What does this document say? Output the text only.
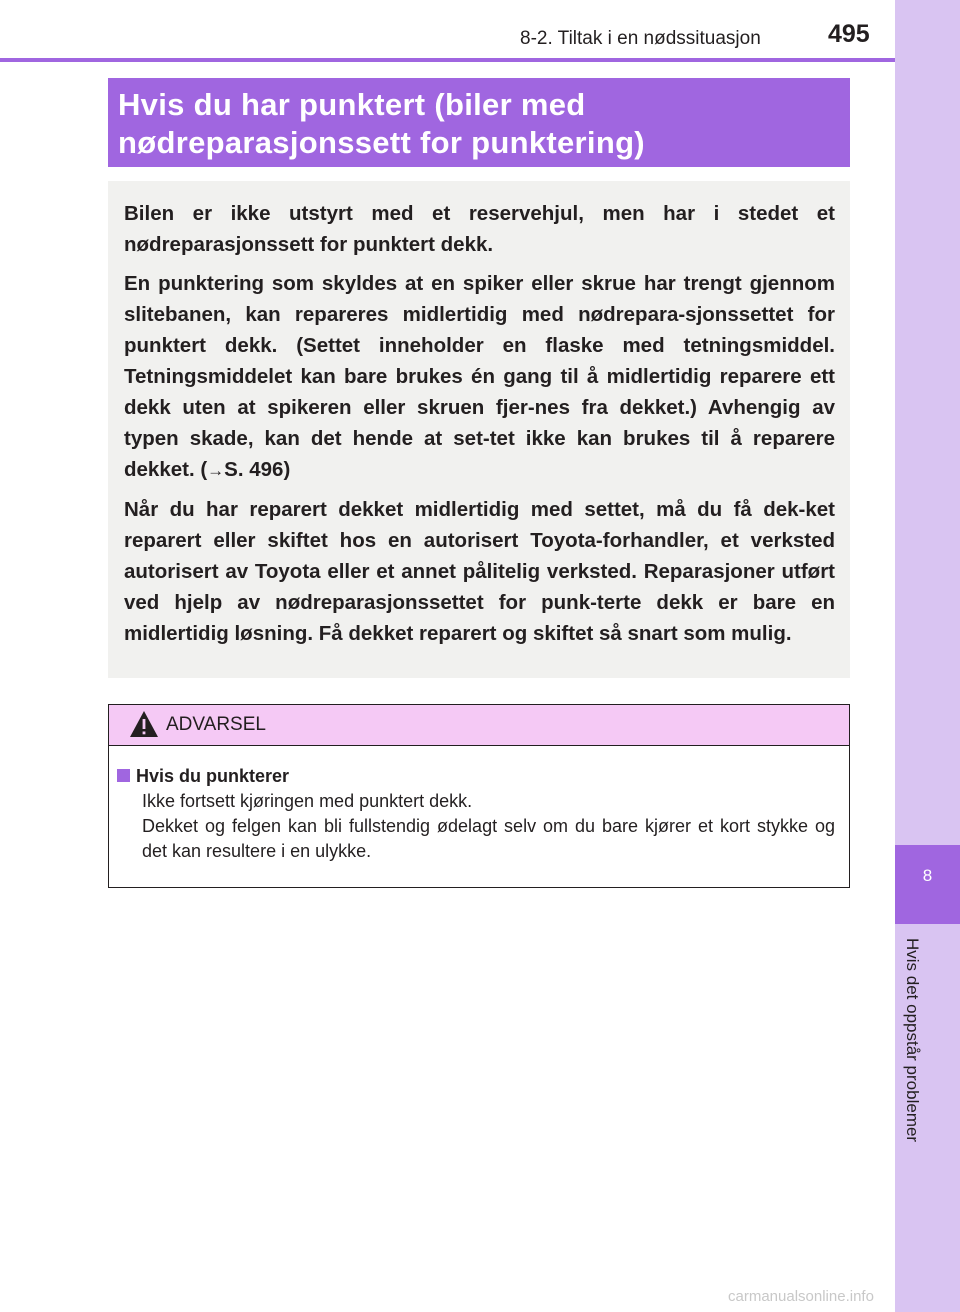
8-2. Tiltak i en nødssituasjon	495
8
Hvis det oppstår problemer
Hvis du har punktert (biler med
nødreparasjonssett for punktering)

Bilen er ikke utstyrt med et reservehjul, men har i stedet et nødreparasjonssett for punktert dekk.

En punktering som skyldes at en spiker eller skrue har trengt gjennom slitebanen, kan repareres midlertidig med nødrepara-sjonssettet for punktert dekk. (Settet inneholder en flaske med tetningsmiddel. Tetningsmiddelet kan bare brukes én gang til å midlertidig reparere ett dekk uten at spikeren eller skruen fjer-nes fra dekket.) Avhengig av typen skade, kan det hende at set-tet ikke kan brukes til å reparere dekket. (→S. 496)

Når du har reparert dekket midlertidig med settet, må du få dek-ket reparert eller skiftet hos en autorisert Toyota-forhandler, et verksted autorisert av Toyota eller et annet pålitelig verksted. Reparasjoner utført ved hjelp av nødreparasjonssettet for punk-terte dekk er bare en midlertidig løsning. Få dekket reparert og skiftet så snart som mulig.

ADVARSEL
Hvis du punkterer
Ikke fortsett kjøringen med punktert dekk.
Dekket og felgen kan bli fullstendig ødelagt selv om du bare kjører et kort stykke og det kan resultere i en ulykke.
carmanualsonline.info
